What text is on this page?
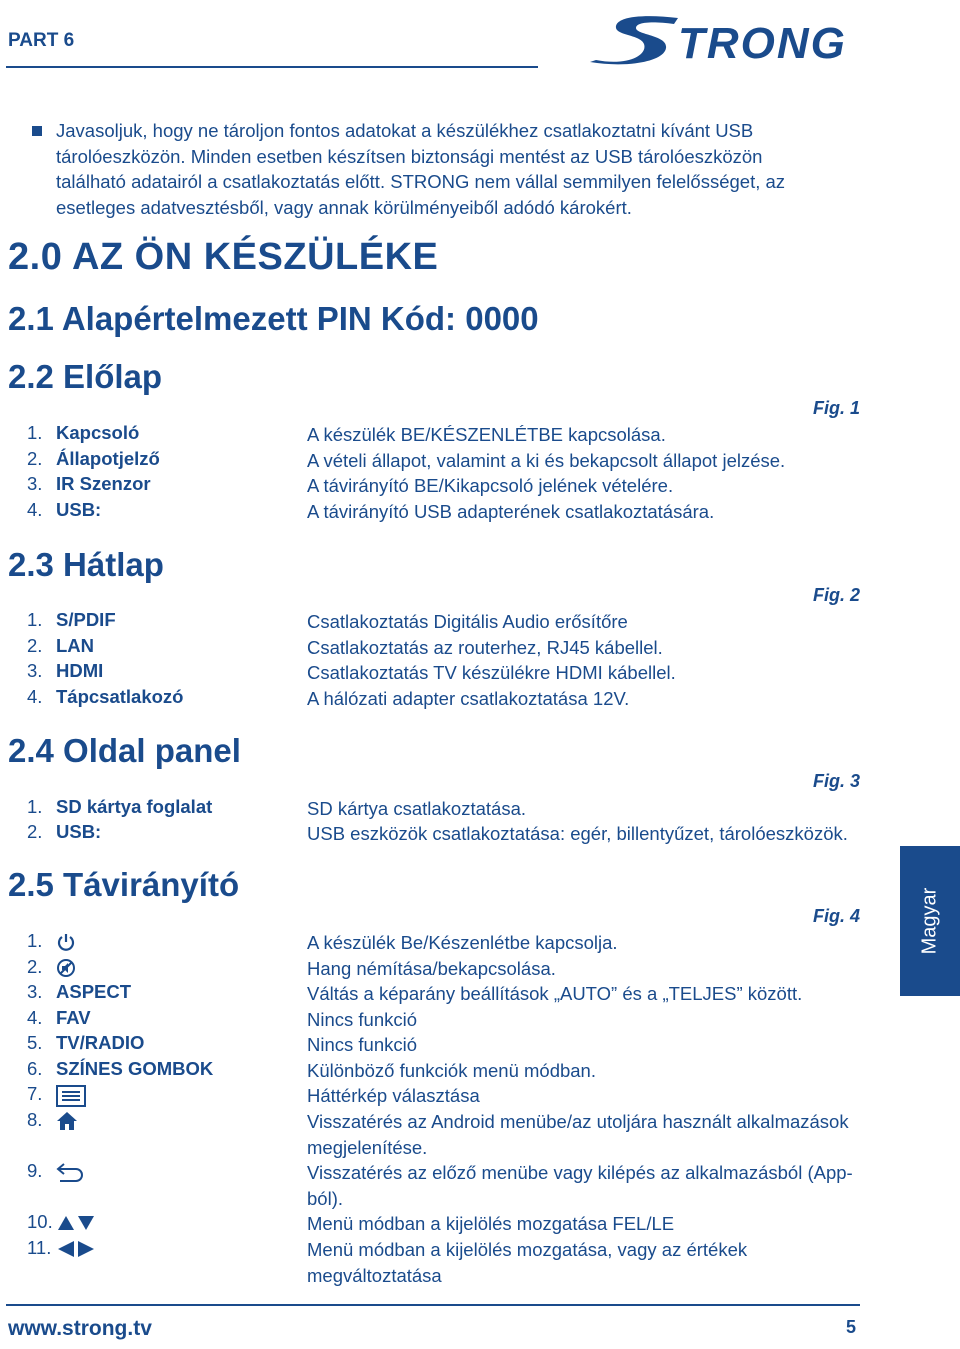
PART 6	TRONG
Javasoljuk, hogy ne tároljon fontos adatokat a készülékhez csatlakoztatni kívánt USB tárolóeszközön. Minden esetben készítsen biztonsági mentést az USB tárolóeszközön található adatairól a csatlakoztatás előtt. STRONG nem vállal semmilyen felelősséget, az esetleges adatvesztésből, vagy annak körülményeiből adódó károkért.
2.0 AZ ÖN KÉSZÜLÉKE
2.1 Alapértelmezett PIN Kód: 0000
2.2 Előlap
Fig. 1
1. Kapcsoló	A készülék BE/KÉSZENLÉTBE kapcsolása.
2. Állapotjelző	A vételi állapot, valamint a ki és bekapcsolt állapot jelzése.
3. IR Szenzor	A távirányító BE/Kikapcsoló jelének vételére.
4. USB:	A távirányító USB adapterének csatlakoztatására.
2.3 Hátlap
Fig. 2
1. S/PDIF	Csatlakoztatás Digitális Audio erősítőre
2. LAN	Csatlakoztatás az routerhez, RJ45 kábellel.
3. HDMI	Csatlakoztatás TV készülékre HDMI kábellel.
4. Tápcsatlakozó	A hálózati adapter csatlakoztatása 12V.
2.4 Oldal panel
Fig. 3
1. SD kártya foglalat	SD kártya csatlakoztatása.
2. USB:	USB eszközök csatlakoztatása: egér, billentyűzet, tárolóeszközök.
2.5 Távirányító
Fig. 4
1.	A készülék Be/Készenlétbe kapcsolja.
2.	Hang némítása/bekapcsolása.
3. ASPECT	Váltás a képarány beállítások „AUTO” és a „TELJES” között.
4. FAV	Nincs funkció
5. TV/RADIO	Nincs funkció
6. SZÍNES GOMBOK	Különböző funkciók menü módban.
7.	Háttérkép választása
8.	Visszatérés az Android menübe/az utoljára használt alkalmazások megjelenítése.
9.	Visszatérés az előző menübe vagy kilépés az alkalmazásból (App-ból).
10.	Menü módban a kijelölés mozgatása FEL/LE
11.	Menü módban a kijelölés mozgatása, vagy az értékek megváltoztatása
Magyar
www.strong.tv	5
